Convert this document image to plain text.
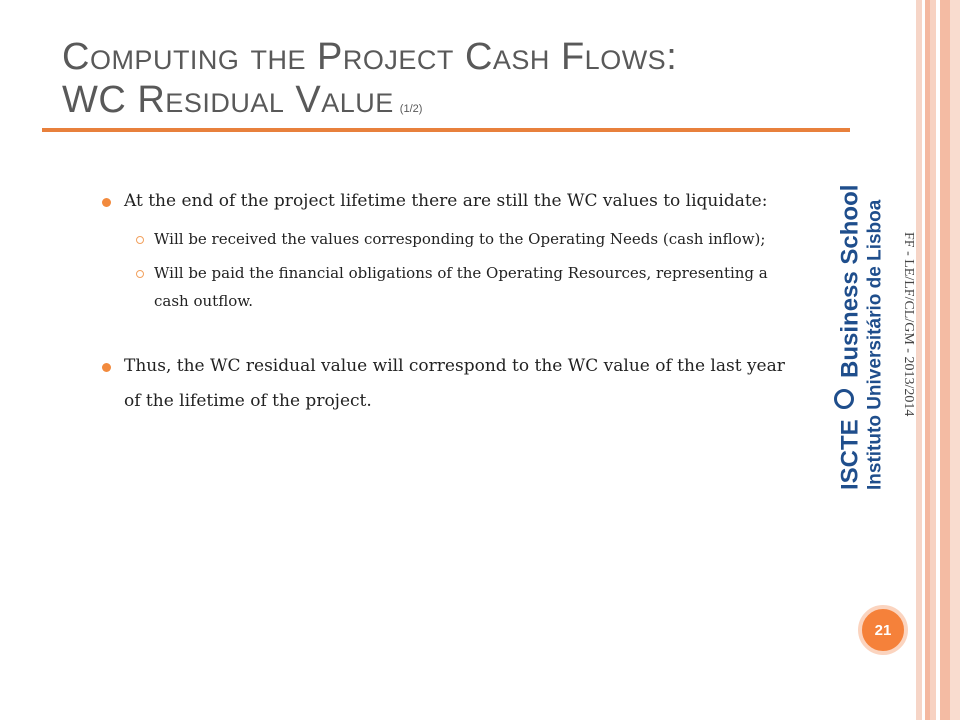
Computing the Project Cash Flows:
WC Residual Value (1/2)
At the end of the project lifetime there are still the WC values to liquidate:
Will be received the values corresponding to the Operating Needs (cash inflow);
Will be paid the financial obligations of the Operating Resources, representing a cash outflow.
Thus, the WC residual value will correspond to the WC value of the last year of the lifetime of the project.	FF - LE/LF/CL/GM - 2013/2014
ISCTE  Business School Instituto Universitário de Lisboa
21
